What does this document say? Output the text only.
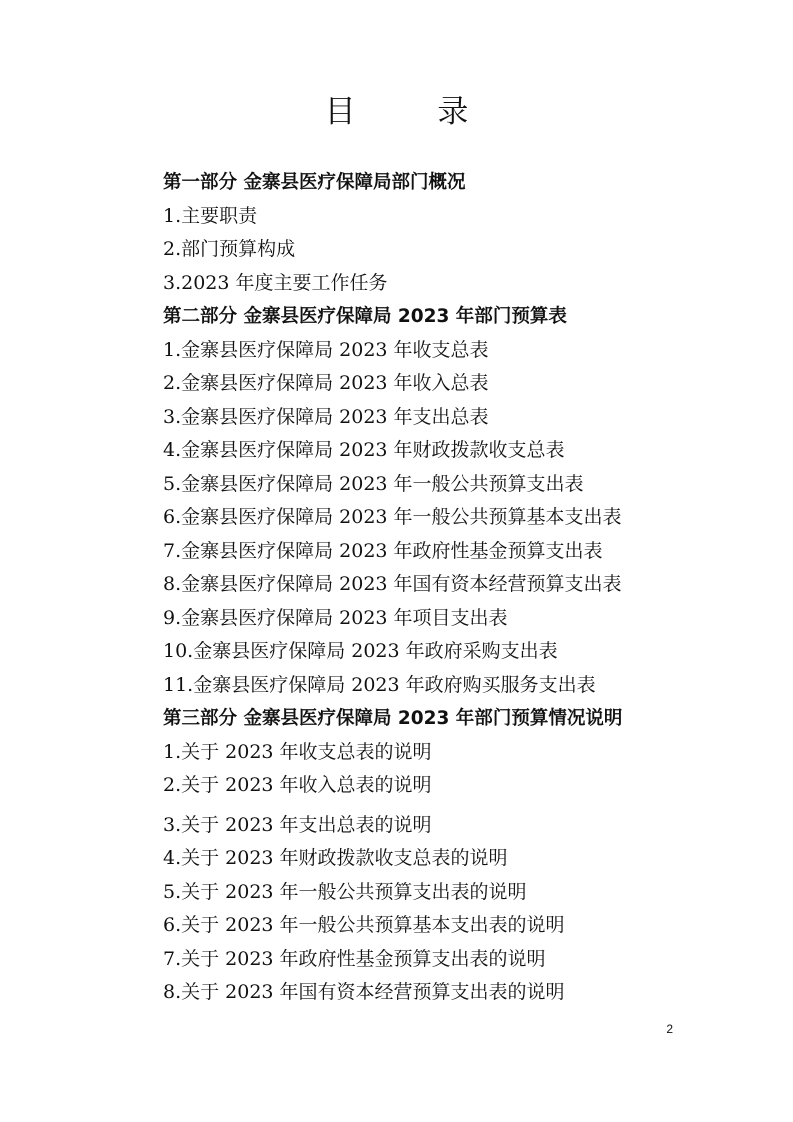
目 录
第一部分 金寨县医疗保障局部门概况
1.主要职责
2.部门预算构成
3.2023 年度主要工作任务
第二部分 金寨县医疗保障局 2023 年部门预算表
1.金寨县医疗保障局 2023 年收支总表
2.金寨县医疗保障局 2023 年收入总表
3.金寨县医疗保障局 2023 年支出总表
4.金寨县医疗保障局 2023 年财政拨款收支总表
5.金寨县医疗保障局 2023 年一般公共预算支出表
6.金寨县医疗保障局 2023 年一般公共预算基本支出表
7.金寨县医疗保障局 2023 年政府性基金预算支出表
8.金寨县医疗保障局 2023 年国有资本经营预算支出表
9.金寨县医疗保障局 2023 年项目支出表
10.金寨县医疗保障局 2023 年政府采购支出表
11.金寨县医疗保障局 2023 年政府购买服务支出表
第三部分 金寨县医疗保障局 2023 年部门预算情况说明
1.关于 2023 年收支总表的说明
2.关于 2023 年收入总表的说明
3.关于 2023 年支出总表的说明
4.关于 2023 年财政拨款收支总表的说明
5.关于 2023 年一般公共预算支出表的说明
6.关于 2023 年一般公共预算基本支出表的说明
7.关于 2023 年政府性基金预算支出表的说明
8.关于 2023 年国有资本经营预算支出表的说明
2
